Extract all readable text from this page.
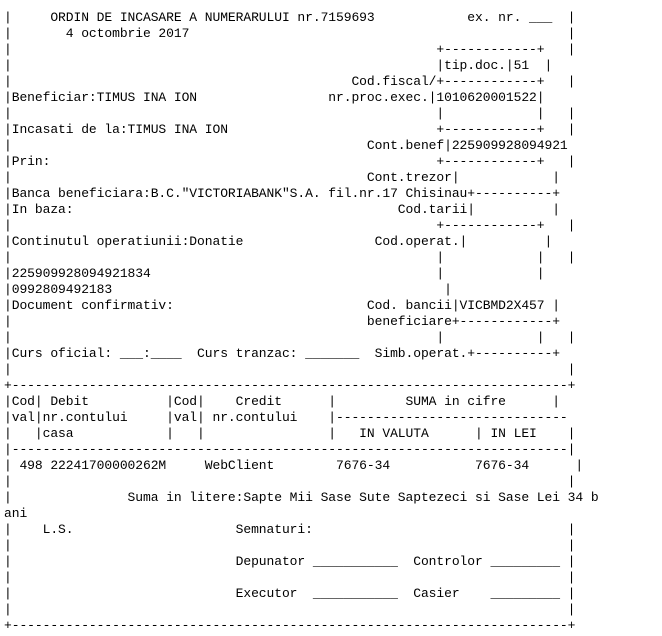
|     ORDIN DE INCASARE A NUMERARULUI nr.7159693            ex. nr. ___  |
|       4 octombrie 2017                                                 |
|                                                       +------------+   |
|                                                       |tip.doc.|51  |
|                                            Cod.fiscal/+------------+   |
|Beneficiar:TIMUS INA ION                 nr.proc.exec.|1010620001522|
|                                                       |            |   |
|Incasati de la:TIMUS INA ION                           +------------+   |
|                                              Cont.benef|225909928094921
|Prin:                                                  +------------+   |
|                                              Cont.trezor|            |
|Banca beneficiara:B.C."VICTORIABANK"S.A. fil.nr.17 Chisinau+----------+
|In baza:                                          Cod.tarii|          |
|                                                       +------------+   |
|Continutul operatiunii:Donatie                 Cod.operat.|          |
|                                                       |            |   |
|225909928094921834                                     |            |
|0992809492183                                           |
|Document confirmativ:                         Cod. bancii|VICBMD2X457 |
|                                              beneficiare+------------+
|                                                       |            |   |
|Curs oficial: ___:____  Curs tranzac: _______  Simb.operat.+----------+
|                                                                        |
+------------------------------------------------------------------------+
|Cod| Debit          |Cod|    Credit      |         SUMA in cifre      |
|val|nr.contului     |val| nr.contului    |------------------------------
|   |casa            |   |                |   IN VALUTA      | IN LEI    |
|------------------------------------------------------------------------|
| 498 22241700000262M     WebClient        7676-34           7676-34      |
|                                                                        |
|               Suma in litere:Sapte Mii Sase Sute Saptezeci si Sase Lei 34 b
ani
|    L.S.                     Semnaturi:                                 |
|                                                                        |
|                             Depunator ___________  Controlor _________ |
|                                                                        |
|                             Executor  ___________  Casier    _________ |
|                                                                        |
+------------------------------------------------------------------------+
